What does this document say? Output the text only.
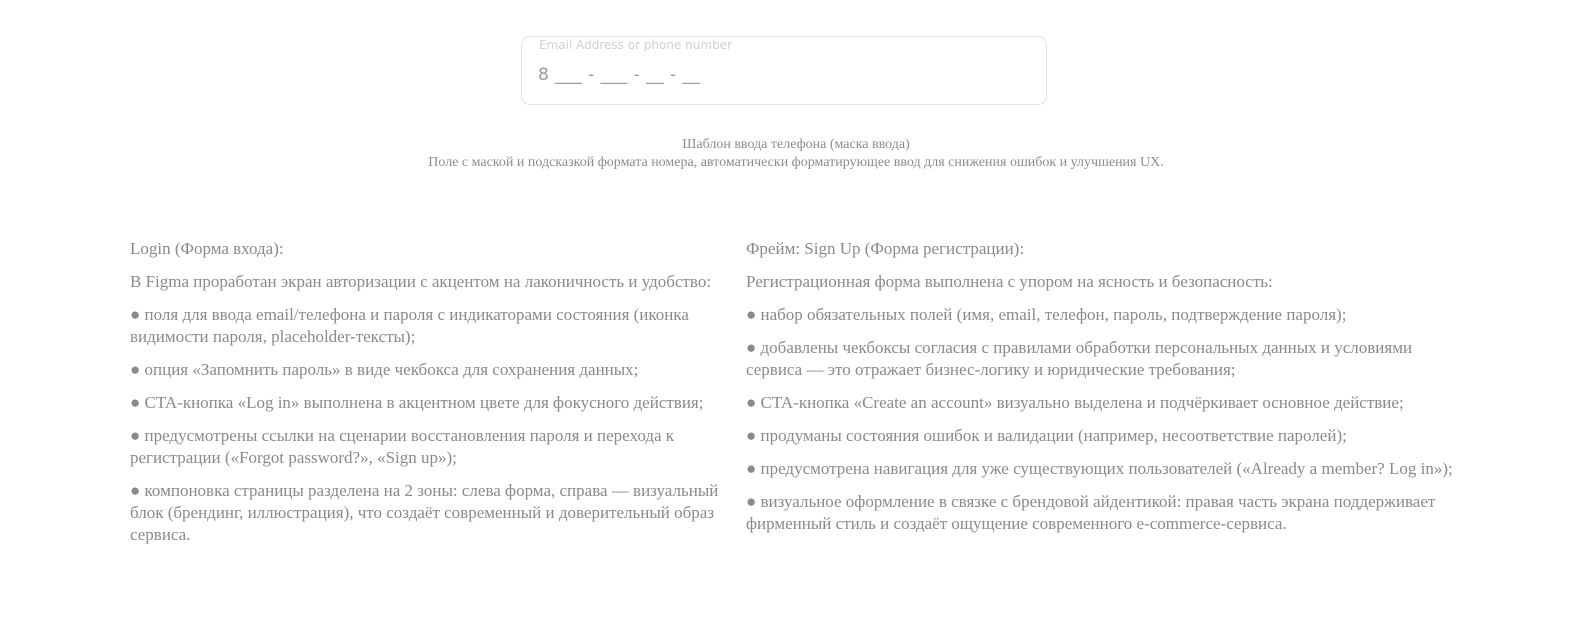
Email Address or phone number
8 ___ - ___ - __ - __
Шаблон ввода телефона (маска ввода)
Поле с маской и подсказкой формата номера, автоматически форматирующее ввод для снижения ошибок и улучшения UX.

Login (Форма входа):

В Figma проработан экран авторизации с акцентом на лаконичность и удобство:

● поля для ввода email/телефона и пароля с индикаторами состояния (иконка видимости пароля, placeholder-тексты);

● опция «Запомнить пароль» в виде чекбокса для сохранения данных;

● CTA-кнопка «Log in» выполнена в акцентном цвете для фокусного действия;

● предусмотрены ссылки на сценарии восстановления пароля и перехода к регистрации («Forgot password?», «Sign up»);

● компоновка страницы разделена на 2 зоны: слева форма, справа — визуальный блок (брендинг, иллюстрация), что создаёт современный и доверительный образ сервиса.

Фрейм: Sign Up (Форма регистрации):

Регистрационная форма выполнена с упором на ясность и безопасность:

● набор обязательных полей (имя, email, телефон, пароль, подтверждение пароля);

● добавлены чекбоксы согласия с правилами обработки персональных данных и условиями сервиса — это отражает бизнес-логику и юридические требования;

● CTA-кнопка «Create an account» визуально выделена и подчёркивает основное действие;

● продуманы состояния ошибок и валидации (например, несоответствие паролей);

● предусмотрена навигация для уже существующих пользователей («Already a member? Log in»);

● визуальное оформление в связке с брендовой айдентикой: правая часть экрана поддерживает фирменный стиль и создаёт ощущение современного e-commerce-сервиса.
